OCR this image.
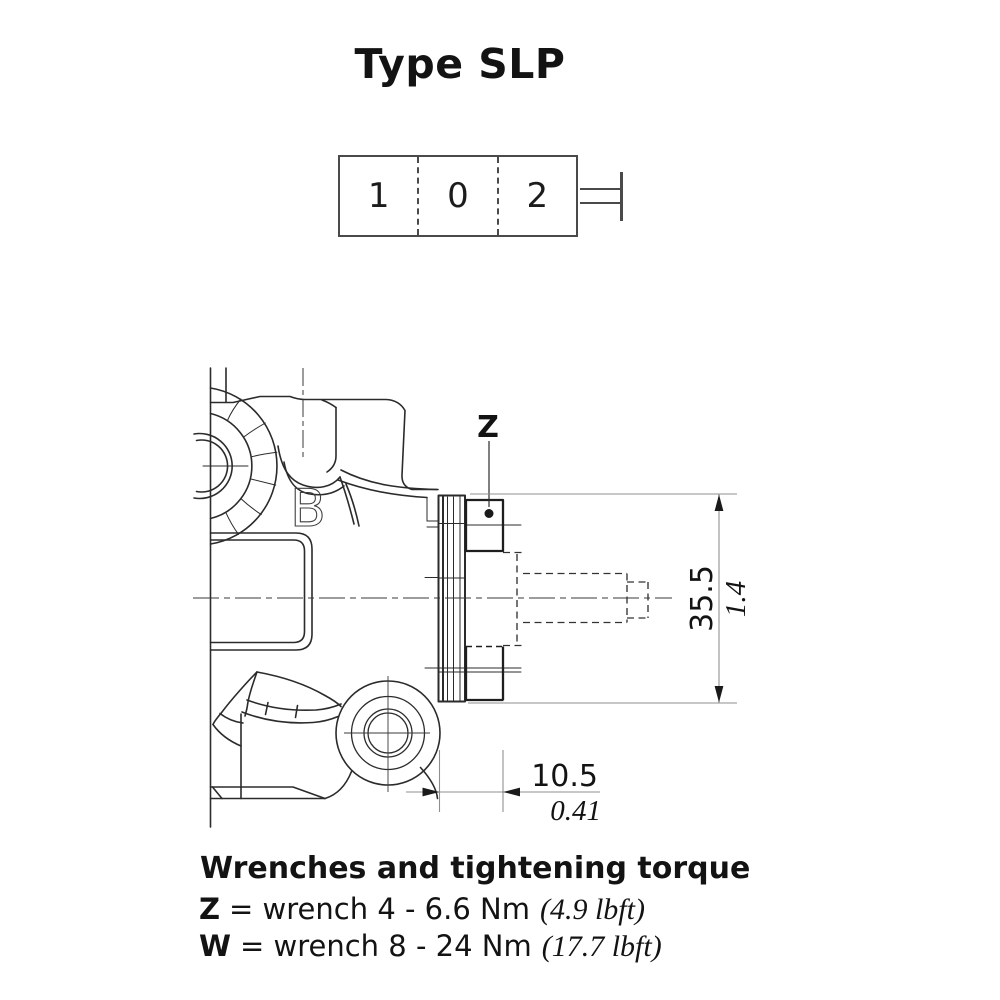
Type SLP
1	0	2
Z
B
35.5 1.4
10.5
0.41
Wrenches and tightening torque
Z = wrench 4 - 6.6 Nm (4.9 lbft)
W = wrench 8 - 24 Nm (17.7 lbft)
